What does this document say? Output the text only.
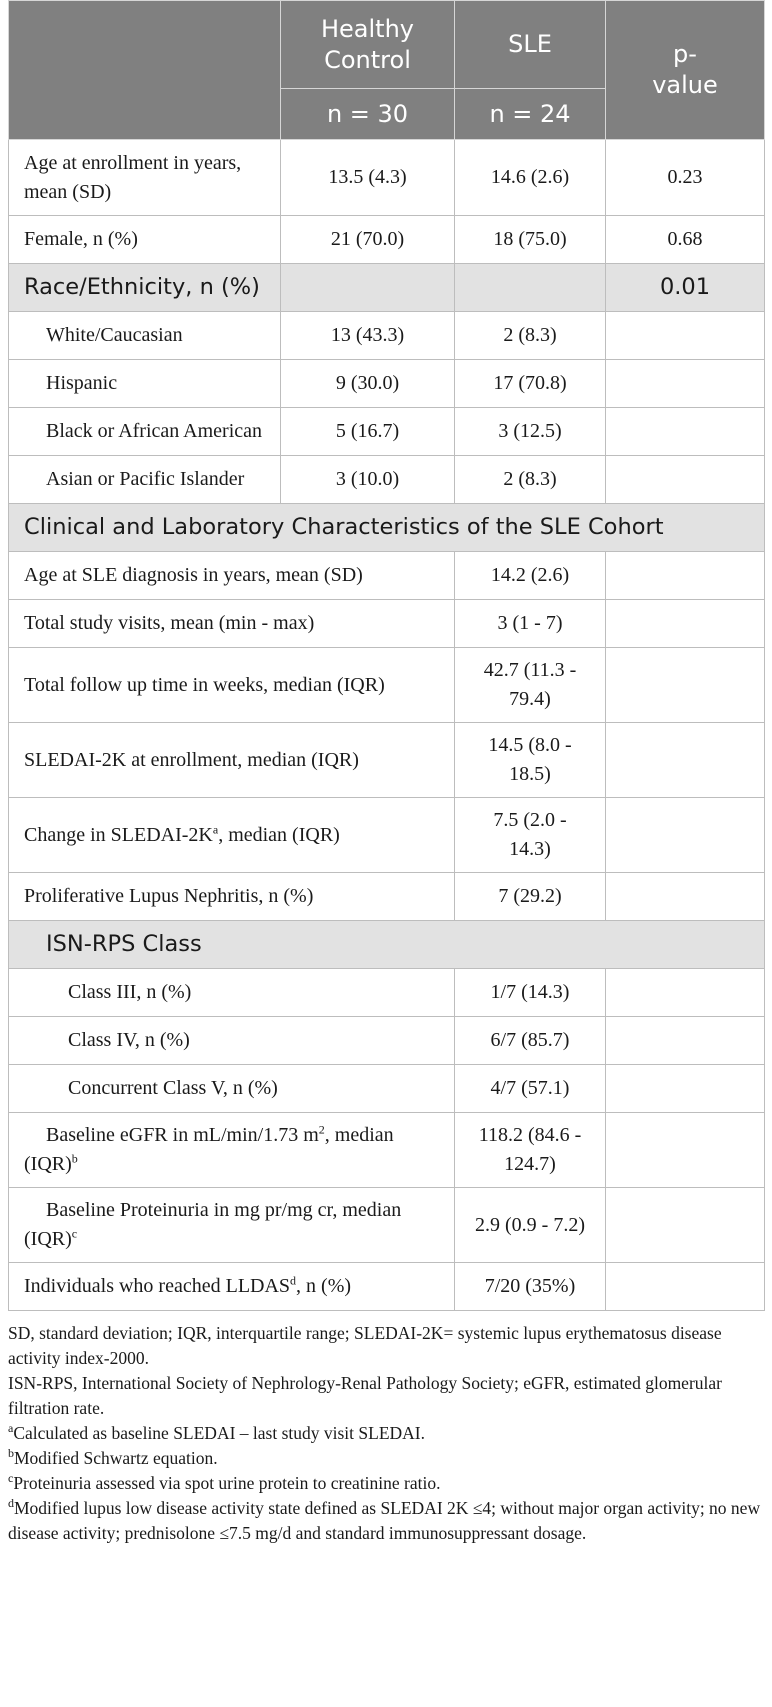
	Healthy Control	SLE	p-value
	n = 30	n = 24	
Age at enrollment in years, mean (SD)	13.5 (4.3)	14.6 (2.6)	0.23
Female, n (%)	21 (70.0)	18 (75.0)	0.68
Race/Ethnicity, n (%)			0.01
White/Caucasian	13 (43.3)	2 (8.3)	
Hispanic	9 (30.0)	17 (70.8)	
Black or African American	5 (16.7)	3 (12.5)	
Asian or Pacific Islander	3 (10.0)	2 (8.3)	
Clinical and Laboratory Characteristics of the SLE Cohort			
Age at SLE diagnosis in years, mean (SD)		14.2 (2.6)	
Total study visits, mean (min - max)		3 (1 - 7)	
Total follow up time in weeks, median (IQR)		42.7 (11.3 - 79.4)	
SLEDAI-2K at enrollment, median (IQR)		14.5 (8.0 - 18.5)	
Change in SLEDAI-$2K^a$, median (IQR)		7.5 (2.0 - 14.3)	
Proliferative Lupus Nephritis, n (%)		7 (29.2)	
ISN-RPS Class			
Class III, n (%)		1/7 (14.3)	
Class IV, n (%)		6/7 (85.7)	
Concurrent Class V, n (%)		4/7 (57.1)	
Baseline eGFR in mL/min/1.73 $m^2$, median (IQR)$^b$		118.2 (84.6 - 124.7)	
Baseline Proteinuria in mg pr/mg cr, median (IQR)$^c$		2.9 (0.9 - 7.2)	
Individuals who reached LLDAS$^d$, n (%)		7/20 (35%)	

SD, standard deviation; IQR, interquartile range; SLEDAI-2K= systemic lupus erythematosus disease activity index-2000.

ISN-RPS, International Society of Nephrology-Renal Pathology Society; eGFR, estimated glomerular filtration rate.

$^a$Calculated as baseline SLEDAI – last study visit SLEDAI.

$^b$Modified Schwartz equation.

$^c$Proteinuria assessed via spot urine protein to creatinine ratio.

$^d$Modified lupus low disease activity state defined as SLEDAI 2K ≤4; without major organ activity; no new disease activity; prednisolone ≤7.5 mg/d and standard immunosuppressant dosage.
